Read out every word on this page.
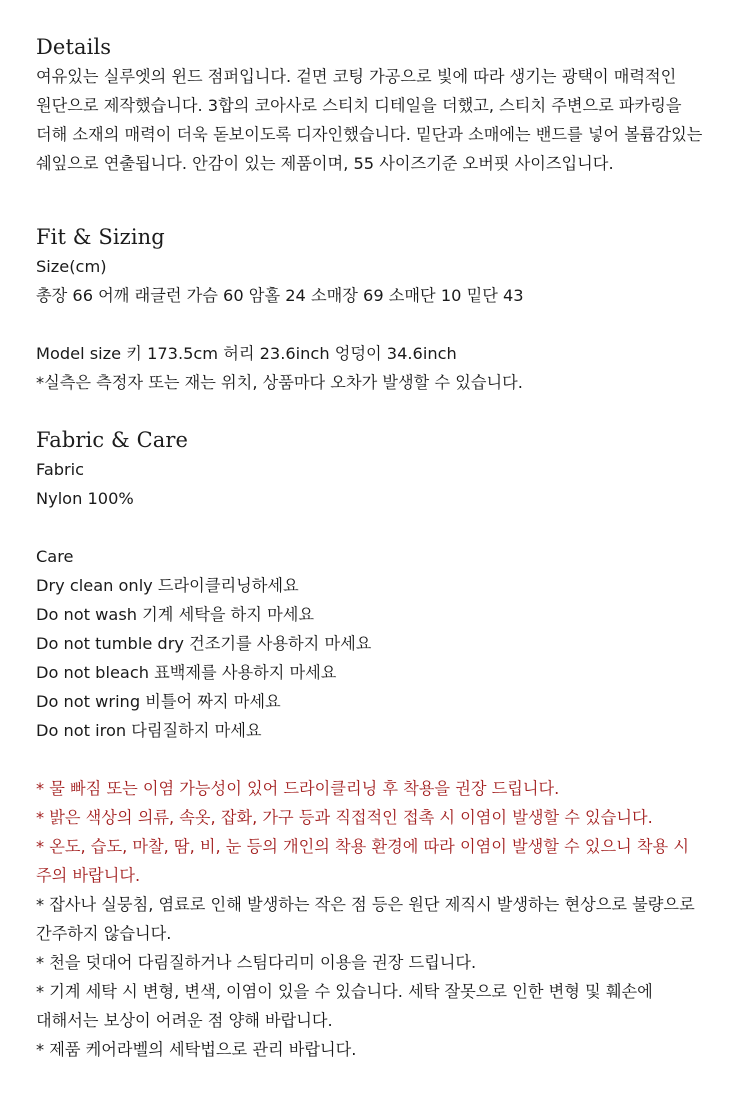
Details

여유있는 실루엣의 윈드 점퍼입니다. 겉면 코팅 가공으로 빛에 따라 생기는 광택이 매력적인 원단으로 제작했습니다. 3합의 코아사로 스티치 디테일을 더했고, 스티치 주변으로 파카링을 더해 소재의 매력이 더욱 돋보이도록 디자인했습니다. 밑단과 소매에는 밴드를 넣어 볼륨감있는 쉐잎으로 연출됩니다. 안감이 있는 제품이며, 55 사이즈기준 오버핏 사이즈입니다.

Fit & Sizing
Size(cm)
총장 66 어깨 래글런 가슴 60 암홀 24 소매장 69 소매단 10 밑단 43
Model size 키 173.5cm 허리 23.6inch 엉덩이 34.6inch
*실측은 측정자 또는 재는 위치, 상품마다 오차가 발생할 수 있습니다.
Fabric & Care
Fabric
Nylon 100%
Care
Dry clean only 드라이클리닝하세요
Do not wash 기계 세탁을 하지 마세요
Do not tumble dry 건조기를 사용하지 마세요
Do not bleach 표백제를 사용하지 마세요
Do not wring 비틀어 짜지 마세요
Do not iron 다림질하지 마세요

* 물 빠짐 또는 이염 가능성이 있어 드라이클리닝 후 착용을 권장 드립니다.

* 밝은 색상의 의류, 속옷, 잡화, 가구 등과 직접적인 접촉 시 이염이 발생할 수 있습니다.

* 온도, 습도, 마찰, 땀, 비, 눈 등의 개인의 착용 환경에 따라 이염이 발생할 수 있으니 착용 시 주의 바랍니다.

* 잡사나 실뭉침, 염료로 인해 발생하는 작은 점 등은 원단 제직시 발생하는 현상으로 불량으로 간주하지 않습니다.

* 천을 덧대어 다림질하거나 스팀다리미 이용을 권장 드립니다.

* 기계 세탁 시 변형, 변색, 이염이 있을 수 있습니다. 세탁 잘못으로 인한 변형 및 훼손에 대해서는 보상이 어려운 점 양해 바랍니다.

* 제품 케어라벨의 세탁법으로 관리 바랍니다.
